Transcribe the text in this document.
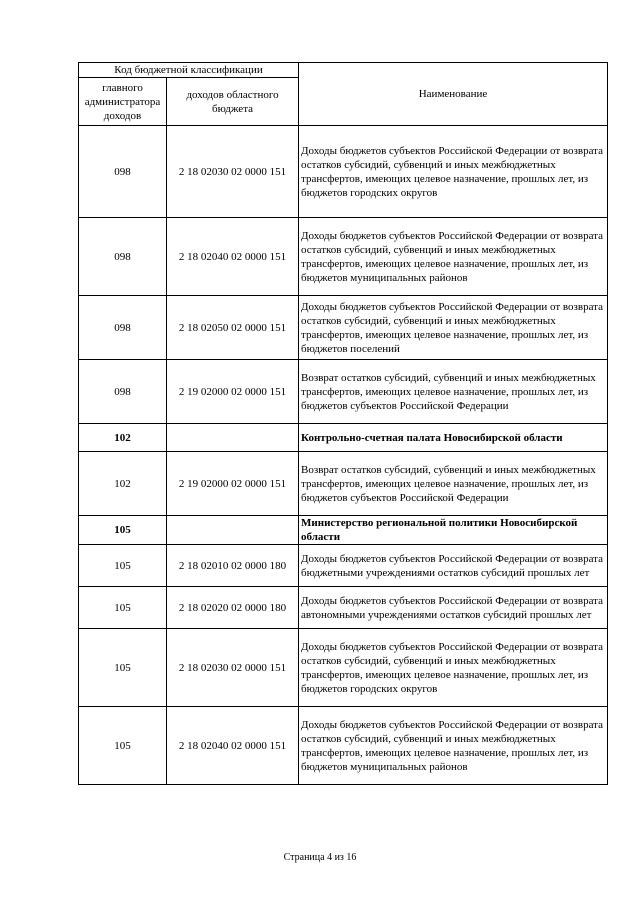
Код бюджетной классификации		Наименование
главного администратора доходов	доходов областного бюджета	
098	2 18 02030 02 0000 151	Доходы бюджетов субъектов Российской Федерации от возврата остатков субсидий, субвенций и иных межбюджетных трансфертов, имеющих целевое назначение, прошлых лет, из бюджетов городских округов
098	2 18 02040 02 0000 151	Доходы бюджетов субъектов Российской Федерации от возврата остатков субсидий, субвенций и иных межбюджетных трансфертов, имеющих целевое назначение, прошлых лет, из бюджетов муниципальных районов
098	2 18 02050 02 0000 151	Доходы бюджетов субъектов Российской Федерации от возврата остатков субсидий, субвенций и иных межбюджетных трансфертов, имеющих целевое назначение, прошлых лет, из бюджетов поселений
098	2 19 02000 02 0000 151	Возврат остатков субсидий, субвенций и иных межбюджетных трансфертов, имеющих целевое назначение, прошлых лет, из бюджетов субъектов Российской Федерации
102		Контрольно-счетная палата Новосибирской области
102	2 19 02000 02 0000 151	Возврат остатков субсидий, субвенций и иных межбюджетных трансфертов, имеющих целевое назначение, прошлых лет, из бюджетов субъектов Российской Федерации
105		Министерство региональной политики Новосибирской области
105	2 18 02010 02 0000 180	Доходы бюджетов субъектов Российской Федерации от возврата бюджетными учреждениями остатков субсидий прошлых лет
105	2 18 02020 02 0000 180	Доходы бюджетов субъектов Российской Федерации от возврата автономными учреждениями остатков субсидий прошлых лет
105	2 18 02030 02 0000 151	Доходы бюджетов субъектов Российской Федерации от возврата остатков субсидий, субвенций и иных межбюджетных трансфертов, имеющих целевое назначение, прошлых лет, из бюджетов городских округов
105	2 18 02040 02 0000 151	Доходы бюджетов субъектов Российской Федерации от возврата остатков субсидий, субвенций и иных межбюджетных трансфертов, имеющих целевое назначение, прошлых лет, из бюджетов муниципальных районов
Страница 4 из 16
